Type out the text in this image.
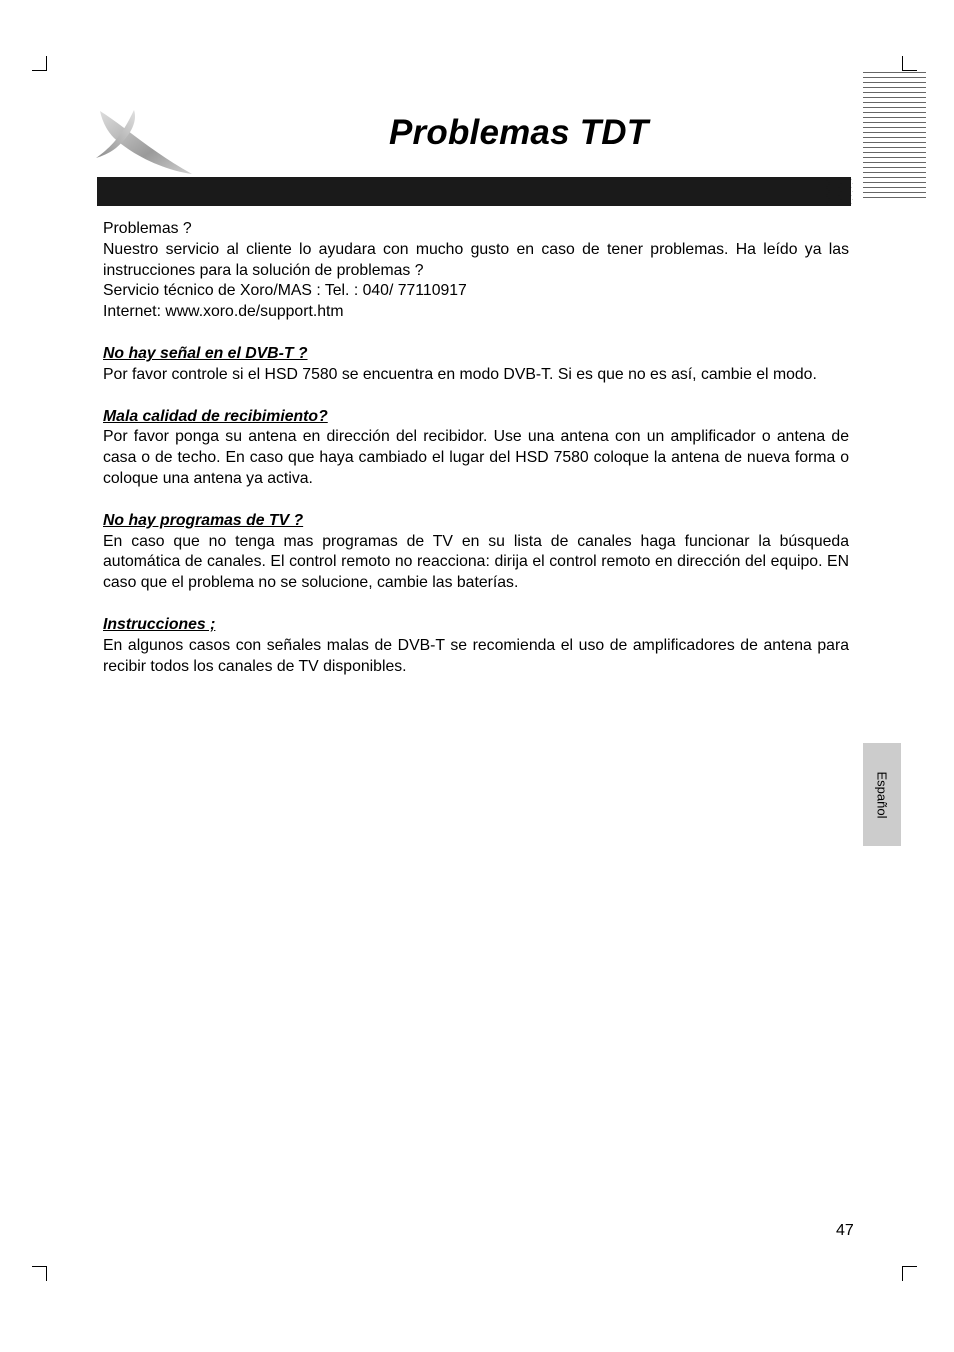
Problemas TDT

Problemas ?

Nuestro servicio al cliente lo ayudara con mucho gusto en caso de tener problemas. Ha leído ya las instrucciones para la solución de problemas ?

Servicio técnico de Xoro/MAS : Tel. : 040/ 77110917

Internet: www.xoro.de/support.htm

No hay señal en el DVB-T ?

Por favor controle si el HSD 7580 se encuentra en modo DVB-T. Si es que no es así, cambie el modo.

Mala calidad de recibimiento?

Por favor ponga su antena en dirección del recibidor. Use una antena con un amplificador o antena de casa o de techo. En caso que haya cambiado el lugar del HSD 7580 coloque la antena de nueva forma o coloque una antena ya activa.

No hay programas de TV ?

En caso que no tenga mas programas de TV en su lista de canales haga funcionar la búsqueda automática de canales. El control remoto no reacciona: dirija el control remoto en dirección del equipo. EN caso que el problema no se solucione, cambie las baterías.

Instrucciones ;

En algunos casos con señales malas de DVB-T se recomienda el uso de amplificadores de antena para recibir todos los canales de TV disponibles.

Español
47
